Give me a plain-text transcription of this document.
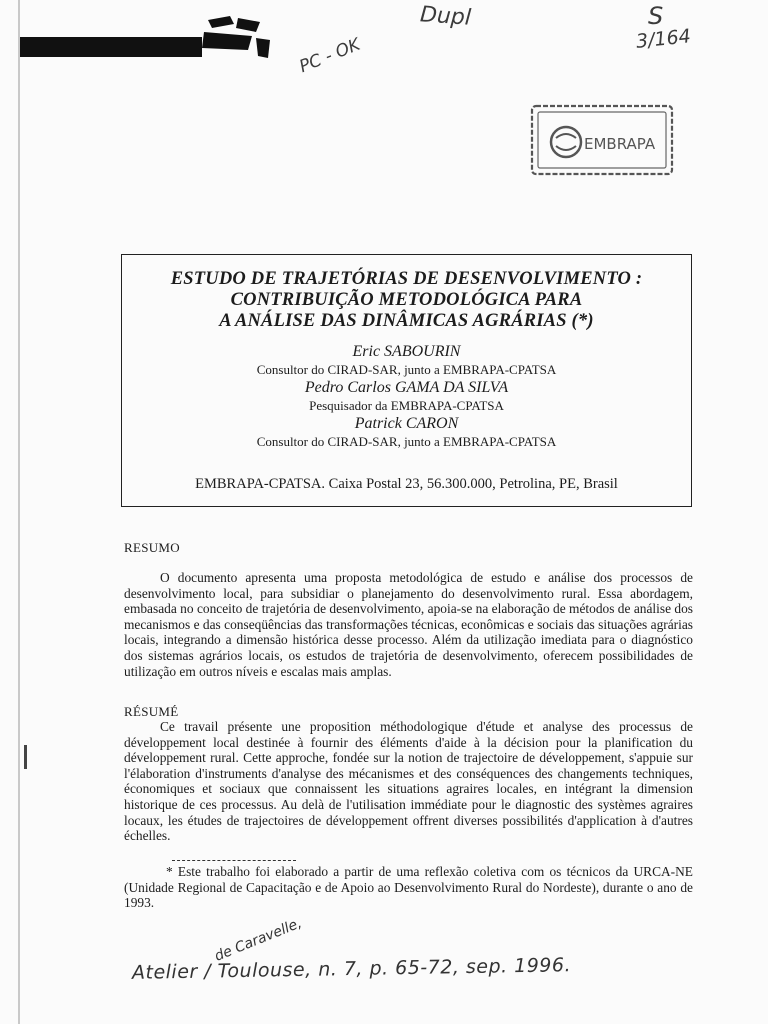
Dupl	S
3/164
PC - OK
EMBRAPA
ESTUDO DE TRAJETÓRIAS DE DESENVOLVIMENTO :
CONTRIBUIÇÃO METODOLÓGICA PARA
A ANÁLISE DAS DINÂMICAS AGRÁRIAS (*)
Eric SABOURIN
Consultor do CIRAD-SAR, junto a EMBRAPA-CPATSA
Pedro Carlos GAMA DA SILVA
Pesquisador da EMBRAPA-CPATSA
Patrick CARON
Consultor do CIRAD-SAR, junto a EMBRAPA-CPATSA
EMBRAPA-CPATSA. Caixa Postal 23, 56.300.000, Petrolina, PE, Brasil
RESUMO
O documento apresenta uma proposta metodológica de estudo e análise dos processos de desenvolvimento local, para subsidiar o planejamento do desenvolvimento rural. Essa abordagem, embasada no conceito de trajetória de desenvolvimento, apoia-se na elaboração de métodos de análise dos mecanismos e das conseqüências das transformações técnicas, econômicas e sociais das situações agrárias locais, integrando a dimensão histórica desse processo. Além da utilização imediata para o diagnóstico dos sistemas agrários locais, os estudos de trajetória de desenvolvimento, oferecem possibilidades de utilização em outros níveis e escalas mais amplas.
RÉSUMÉ
Ce travail présente une proposition méthodologique d'étude et analyse des processus de développement local destinée à fournir des éléments d'aide à la décision pour la planification du développement rural. Cette approche, fondée sur la notion de trajectoire de développement, s'appuie sur l'élaboration d'instruments d'analyse des mécanismes et des conséquences des changements techniques, économiques et sociaux que connaissent les situations agraires locales, en intégrant la dimension historique de ces processus. Au delà de l'utilisation immédiate pour le diagnostic des systèmes agraires locaux, les études de trajectoires de développement offrent diverses possibilités d'application à d'autres échelles.
* Este trabalho foi elaborado a partir de uma reflexão coletiva com os técnicos da URCA-NE (Unidade Regional de Capacitação e de Apoio ao Desenvolvimento Rural do Nordeste), durante o ano de 1993.
de Caravelle,
Atelier / Toulouse, n. 7, p. 65-72, sep. 1996.
